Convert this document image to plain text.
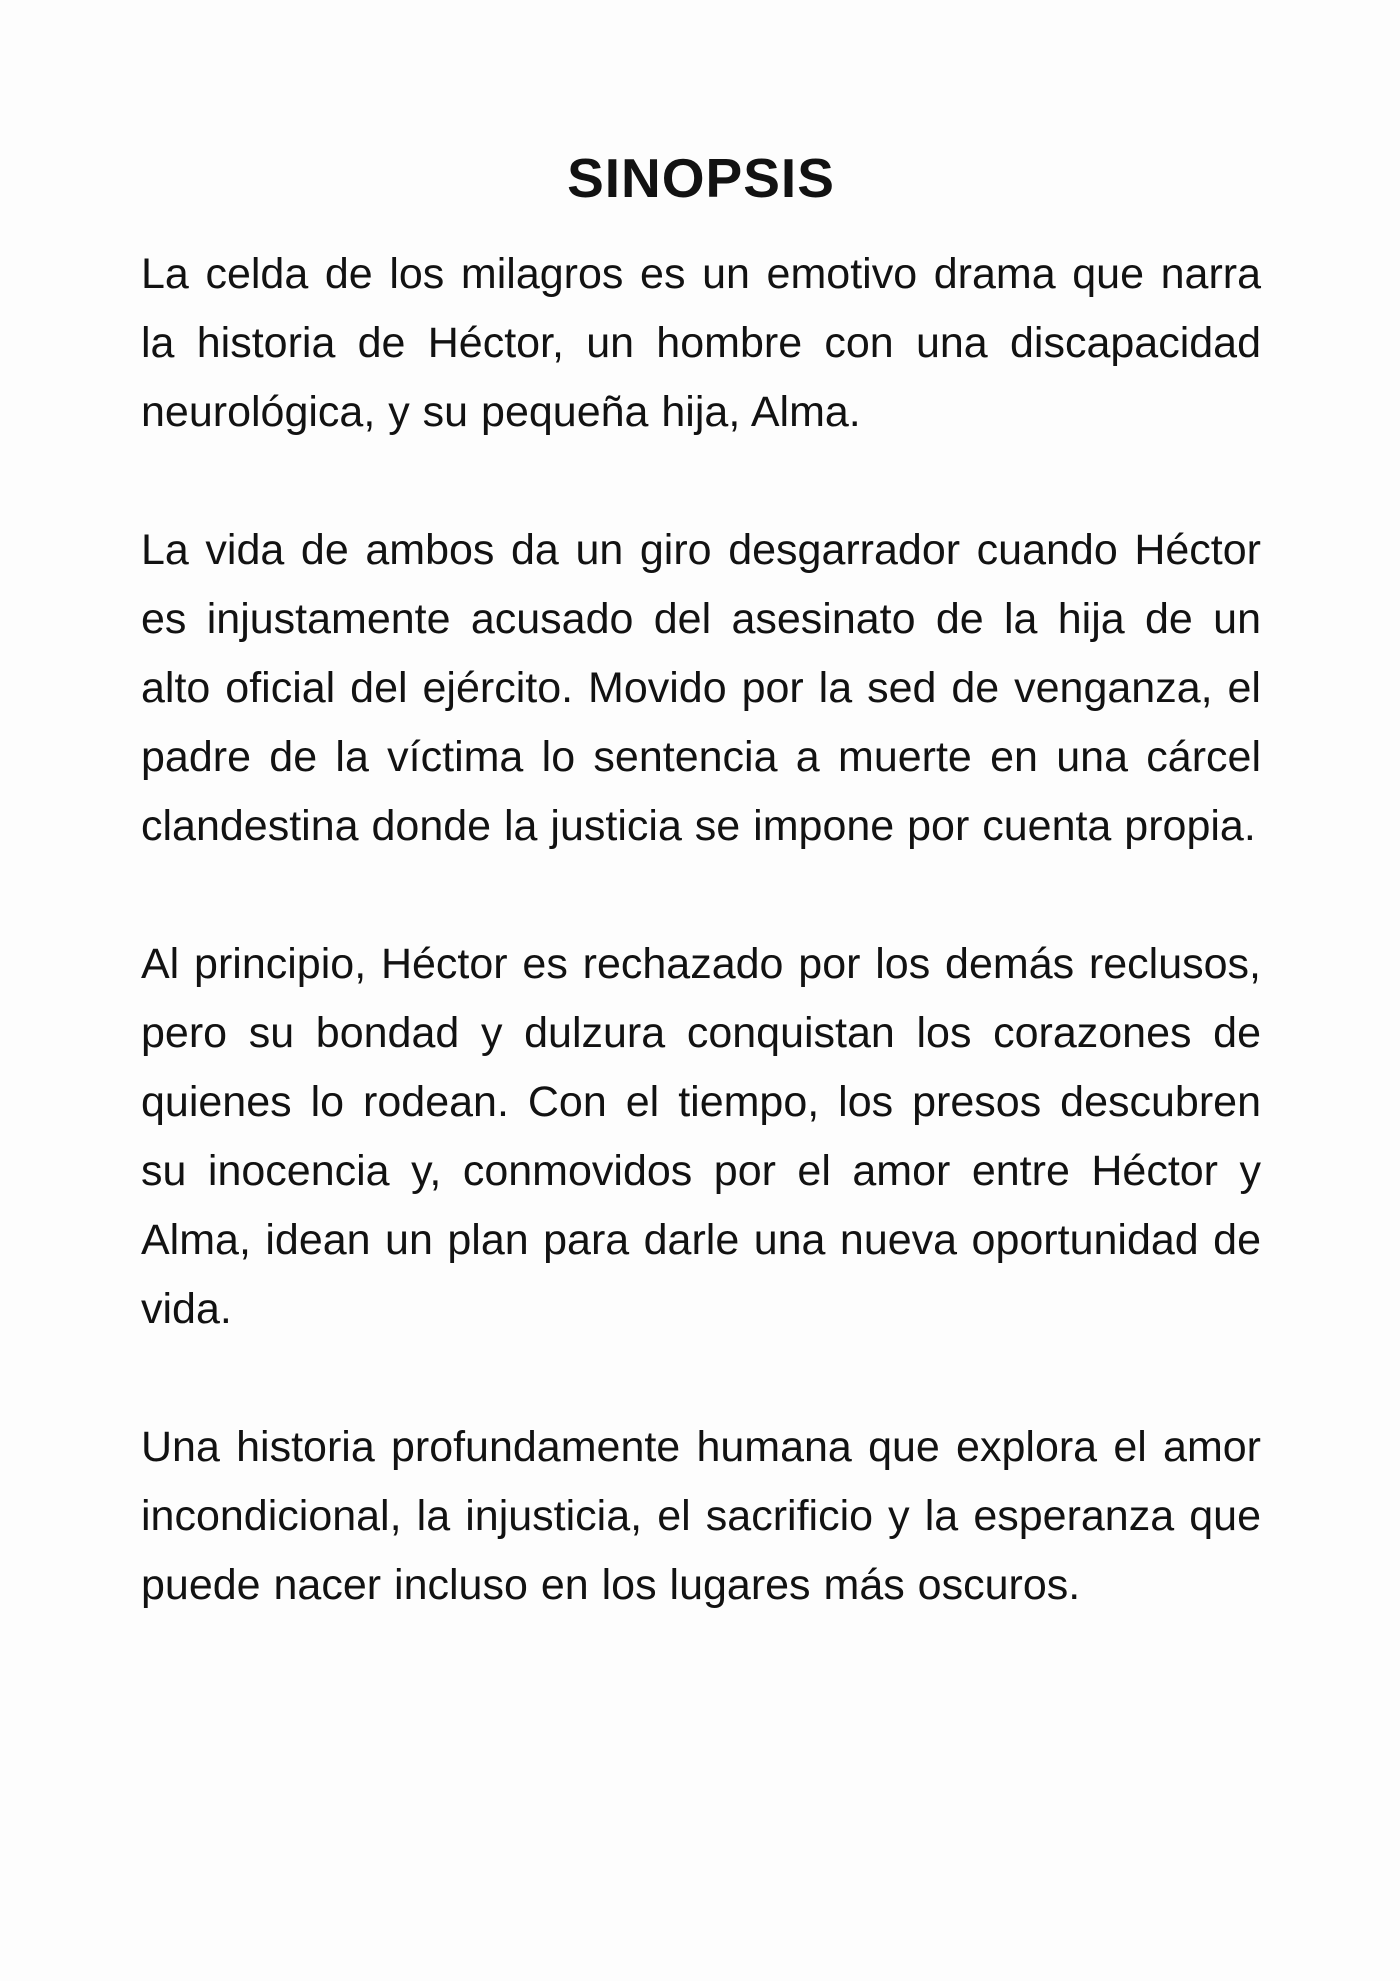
SINOPSIS

La celda de los milagros es un emotivo drama que narra la historia de Héctor, un hombre con una discapacidad neurológica, y su pequeña hija, Alma.

La vida de ambos da un giro desgarrador cuando Héctor es injustamente acusado del asesinato de la hija de un alto oficial del ejército. Movido por la sed de venganza, el padre de la víctima lo sentencia a muerte en una cárcel clandestina donde la justicia se impone por cuenta propia.

Al principio, Héctor es rechazado por los demás reclusos, pero su bondad y dulzura conquistan los corazones de quienes lo rodean. Con el tiempo, los presos descubren su inocencia y, conmovidos por el amor entre Héctor y Alma, idean un plan para darle una nueva oportunidad de vida.

Una historia profundamente humana que explora el amor incondicional, la injusticia, el sacrificio y la esperanza que puede nacer incluso en los lugares más oscuros.
